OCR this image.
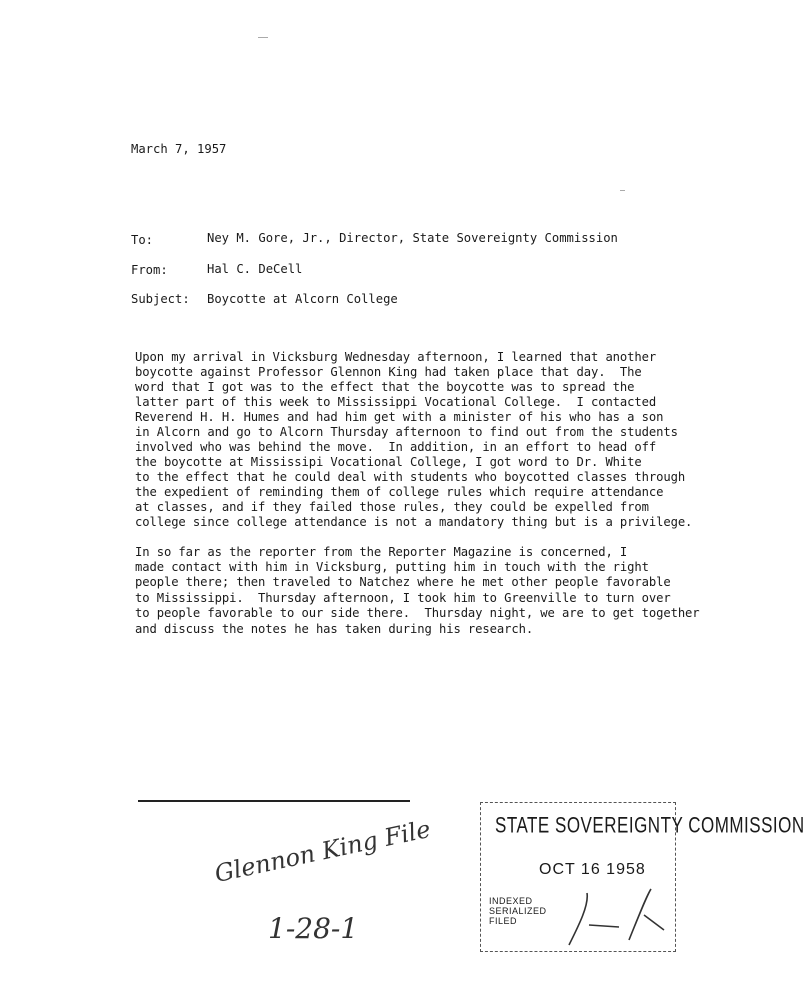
March 7, 1957
To:	Ney M. Gore, Jr., Director, State Sovereignty Commission
From:	Hal C. DeCell
Subject: Boycotte at Alcorn College
Upon my arrival in Vicksburg Wednesday afternoon, I learned that another
boycotte against Professor Glennon King had taken place that day.  The
word that I got was to the effect that the boycotte was to spread the
latter part of this week to Mississippi Vocational College.  I contacted
Reverend H. H. Humes and had him get with a minister of his who has a son
in Alcorn and go to Alcorn Thursday afternoon to find out from the students
involved who was behind the move.  In addition, in an effort to head off
the boycotte at Mississipi Vocational College, I got word to Dr. White
to the effect that he could deal with students who boycotted classes through
the expedient of reminding them of college rules which require attendance
at classes, and if they failed those rules, they could be expelled from
college since college attendance is not a mandatory thing but is a privilege.
In so far as the reporter from the Reporter Magazine is concerned, I
made contact with him in Vicksburg, putting him in touch with the right
people there; then traveled to Natchez where he met other people favorable
to Mississippi.  Thursday afternoon, I took him to Greenville to turn over
to people favorable to our side there.  Thursday night, we are to get together
and discuss the notes he has taken during his research.
Glennon King File
1-28-1
STATE SOVEREIGNTY COMMISSION
OCT 16 1958
INDEXED
SERIALIZED
FILED
